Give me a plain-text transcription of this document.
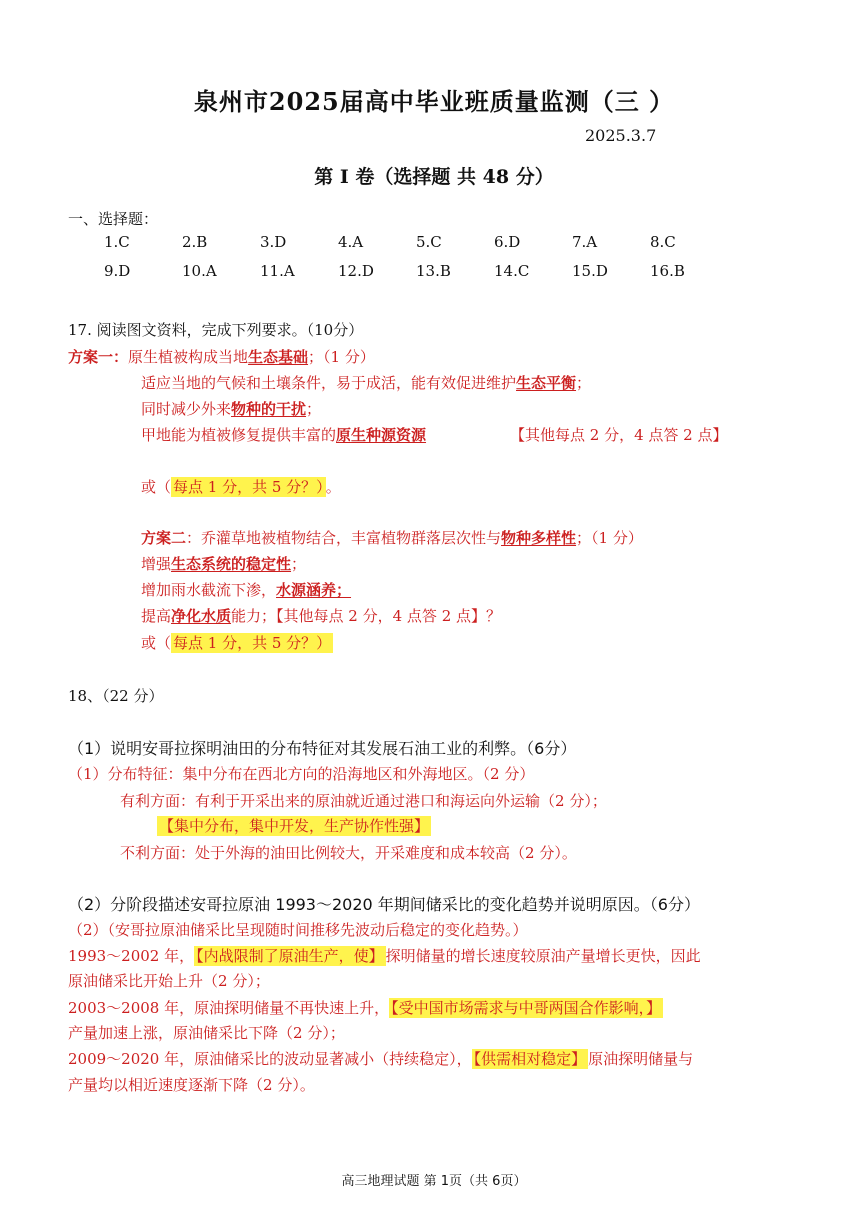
泉州市2025届高中毕业班质量监测（三 ）
2025.3.7
第 I 卷（选择题 共 48 分）
一、选择题：
1.C	2.B	3.D	4.A	5.C	6.D	7.A	8.C
9.D	10.A	11.A	12.D	13.B	14.C	15.D	16.B
17. 阅读图文资料，完成下列要求。（10分）
方案一：原生植被构成当地生态基础；（1 分）
适应当地的气候和土壤条件，易于成活，能有效促进维护生态平衡；
同时减少外来物种的干扰；
甲地能为植被修复提供丰富的原生种源资源	【其他每点 2 分，4 点答 2 点】
或（ 每点 1 分，共 5 分？） 。
方案二：乔灌草地被植物结合，丰富植物群落层次性与物种多样性；（1 分）
增强生态系统的稳定性；
增加雨水截流下渗，水源涵养；
提高净化水质能力；【其他每点 2 分，4 点答 2 点】？
或（ 每点 1 分，共 5 分？）
18、（22 分）
（1）说明安哥拉探明油田的分布特征对其发展石油工业的利弊。（6分）
（1）分布特征：集中分布在西北方向的沿海地区和外海地区。（2 分）
有利方面：有利于开采出来的原油就近通过港口和海运向外运输（2 分）；
【集中分布，集中开发，生产协作性强】
不利方面：处于外海的油田比例较大，开采难度和成本较高（2 分）。
（2）分阶段描述安哥拉原油 1993～2020 年期间储采比的变化趋势并说明原因。（6分）
（2）（安哥拉原油储采比呈现随时间推移先波动后稳定的变化趋势。）
1993～2002 年， 【内战限制了原油生产，使】 探明储量的增长速度较原油产量增长更快，因此
原油储采比开始上升（2 分）；
2003～2008 年，原油探明储量不再快速上升， 【受中国市场需求与中哥两国合作影响，】
产量加速上涨，原油储采比下降（2 分）；
2009～2020 年，原油储采比的波动显著减小（持续稳定）， 【供需相对稳定】 原油探明储量与
产量均以相近速度逐渐下降（2 分）。
高三地理试题 第 1页（共 6页）
